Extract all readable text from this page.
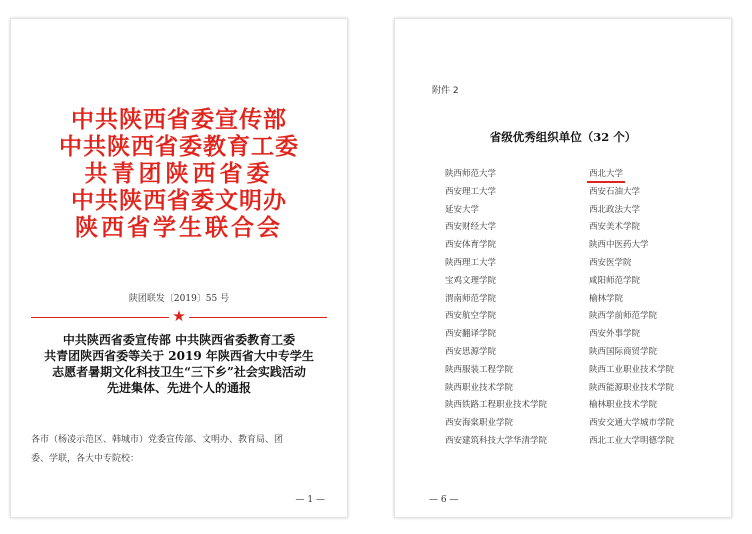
中共陕西省委宣传部
中共陕西省委教育工委
共青团陕西省委
中共陕西省委文明办
陕西省学生联合会
陕团联发〔2019〕55 号
★
中共陕西省委宣传部 中共陕西省委教育工委
共青团陕西省委等关于 2019 年陕西省大中专学生
志愿者暑期文化科技卫生“三下乡”社会实践活动
先进集体、先进个人的通报
各市（杨凌示范区、韩城市）党委宣传部、文明办、教育局、团
委、学联，各大中专院校：
— 1 —
附件 2
省级优秀组织单位（32 个）
陕西师范大学
西安理工大学
延安大学
西安财经大学
西安体育学院
陕西理工大学
宝鸡文理学院
渭南师范学院
西安航空学院
西安翻译学院
西安思源学院
陕西服装工程学院
陕西职业技术学院
陕西铁路工程职业技术学院
西安海棠职业学院
西安建筑科技大学华清学院
西北大学
西安石油大学
西北政法大学
西安美术学院
陕西中医药大学
西安医学院
咸阳师范学院
榆林学院
陕西学前师范学院
西安外事学院
陕西国际商贸学院
陕西工业职业技术学院
陕西能源职业技术学院
榆林职业技术学院
西安交通大学城市学院
西北工业大学明德学院
— 6 —
